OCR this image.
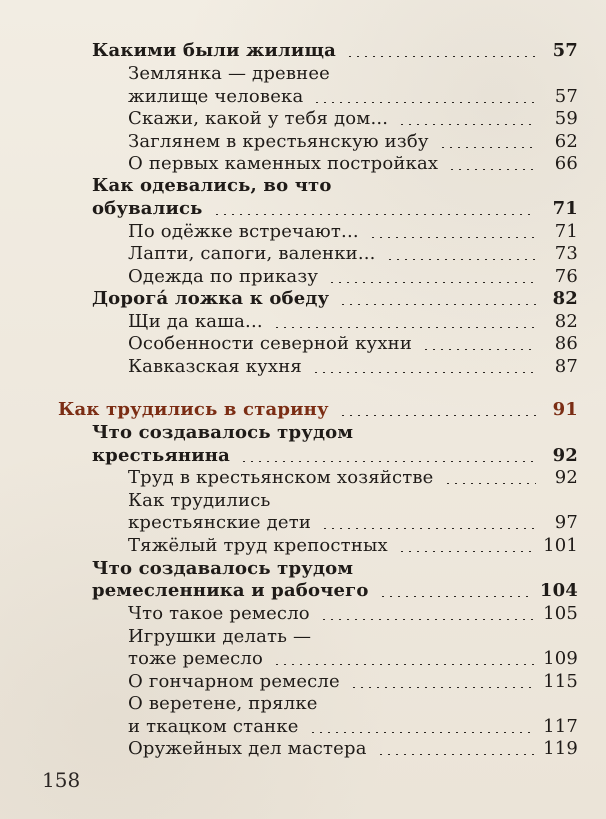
Какими были жилища	57
Землянка — древнее
жилище человека	57
Скажи, какой у тебя дом...	59
Заглянем в крестьянскую избу	62
О первых каменных постройках	66
Как одевались, во что
обувались	71
По одёжке встречают...	71
Лапти, сапоги, валенки...	73
Одежда по приказу	76
Дорогá ложка к обеду	82
Щи да каша...	82
Особенности северной кухни	86
Кавказская кухня	87
Как трудились в старину	91
Что создавалось трудом
крестьянина	92
Труд в крестьянском хозяйстве	92
Как трудились
крестьянские дети	97
Тяжёлый труд крепостных	101
Что создавалось трудом
ремесленника и рабочего	104
Что такое ремесло	105
Игрушки делать —
тоже ремесло	109
О гончарном ремесле	115
О веретене, прялке
и ткацком станке	117
Оружейных дел мастера	119
158
